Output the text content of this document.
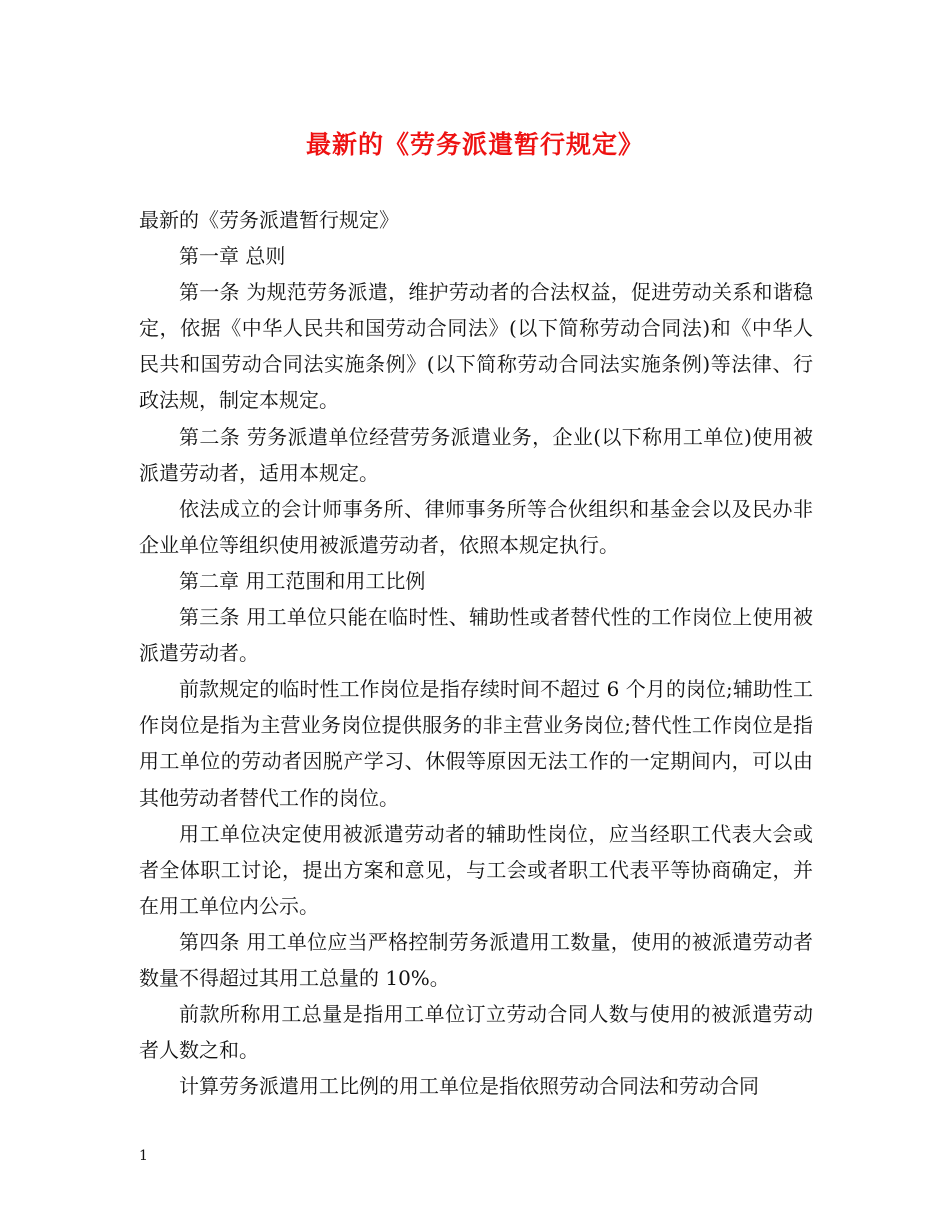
最新的《劳务派遣暂行规定》

最新的《劳务派遣暂行规定》

第一章 总则

第一条 为规范劳务派遣，维护劳动者的合法权益，促进劳动关系和谐稳定，依据《中华人民共和国劳动合同法》(以下简称劳动合同法)和《中华人民共和国劳动合同法实施条例》(以下简称劳动合同法实施条例)等法律、行政法规，制定本规定。

第二条 劳务派遣单位经营劳务派遣业务，企业(以下称用工单位)使用被派遣劳动者，适用本规定。

依法成立的会计师事务所、律师事务所等合伙组织和基金会以及民办非企业单位等组织使用被派遣劳动者，依照本规定执行。

第二章 用工范围和用工比例

第三条 用工单位只能在临时性、辅助性或者替代性的工作岗位上使用被派遣劳动者。

前款规定的临时性工作岗位是指存续时间不超过 6 个月的岗位;辅助性工作岗位是指为主营业务岗位提供服务的非主营业务岗位;替代性工作岗位是指用工单位的劳动者因脱产学习、休假等原因无法工作的一定期间内，可以由其他劳动者替代工作的岗位。

用工单位决定使用被派遣劳动者的辅助性岗位，应当经职工代表大会或者全体职工讨论，提出方案和意见，与工会或者职工代表平等协商确定，并在用工单位内公示。

第四条 用工单位应当严格控制劳务派遣用工数量，使用的被派遣劳动者数量不得超过其用工总量的 10%。

前款所称用工总量是指用工单位订立劳动合同人数与使用的被派遣劳动者人数之和。

计算劳务派遣用工比例的用工单位是指依照劳动合同法和劳动合同

1
